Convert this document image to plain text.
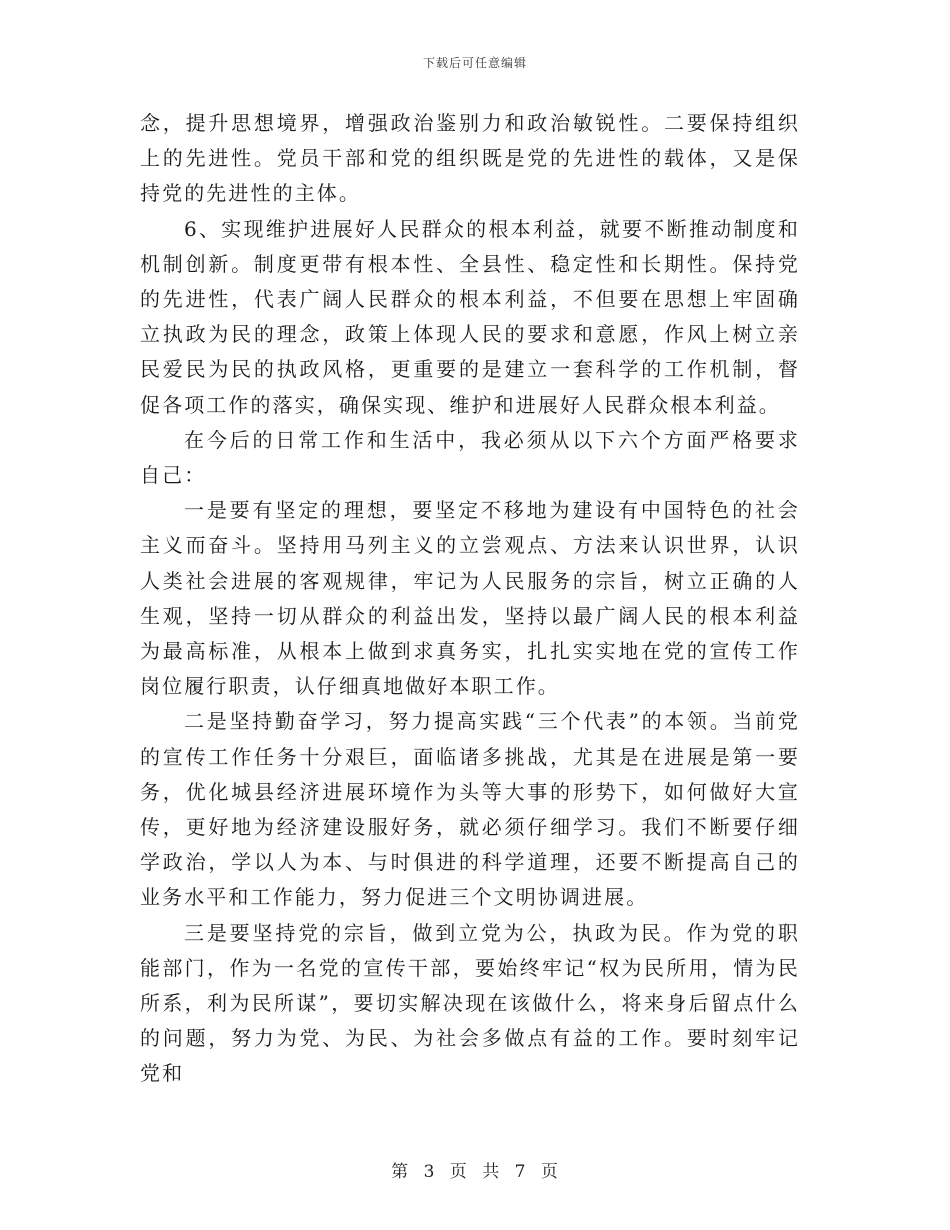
下载后可任意编辑

念，提升思想境界，增强政治鉴别力和政治敏锐性。二要保持组织上的先进性。党员干部和党的组织既是党的先进性的载体，又是保持党的先进性的主体。

6、实现维护进展好人民群众的根本利益，就要不断推动制度和机制创新。制度更带有根本性、全县性、稳定性和长期性。保持党的先进性，代表广阔人民群众的根本利益，不但要在思想上牢固确立执政为民的理念，政策上体现人民的要求和意愿，作风上树立亲民爱民为民的执政风格，更重要的是建立一套科学的工作机制，督促各项工作的落实，确保实现、维护和进展好人民群众根本利益。

在今后的日常工作和生活中，我必须从以下六个方面严格要求自己：

一是要有坚定的理想，要坚定不移地为建设有中国特色的社会主义而奋斗。坚持用马列主义的立尝观点、方法来认识世界，认识人类社会进展的客观规律，牢记为人民服务的宗旨，树立正确的人生观，坚持一切从群众的利益出发，坚持以最广阔人民的根本利益为最高标准，从根本上做到求真务实，扎扎实实地在党的宣传工作岗位履行职责，认仔细真地做好本职工作。

二是坚持勤奋学习，努力提高实践“三个代表”的本领。当前党的宣传工作任务十分艰巨，面临诸多挑战，尤其是在进展是第一要务，优化城县经济进展环境作为头等大事的形势下，如何做好大宣传，更好地为经济建设服好务，就必须仔细学习。我们不断要仔细学政治，学以人为本、与时俱进的科学道理，还要不断提高自己的业务水平和工作能力，努力促进三个文明协调进展。

三是要坚持党的宗旨，做到立党为公，执政为民。作为党的职能部门，作为一名党的宣传干部，要始终牢记“权为民所用，情为民所系，利为民所谋”，要切实解决现在该做什么，将来身后留点什么的问题，努力为党、为民、为社会多做点有益的工作。要时刻牢记党和

第 3 页 共 7 页
